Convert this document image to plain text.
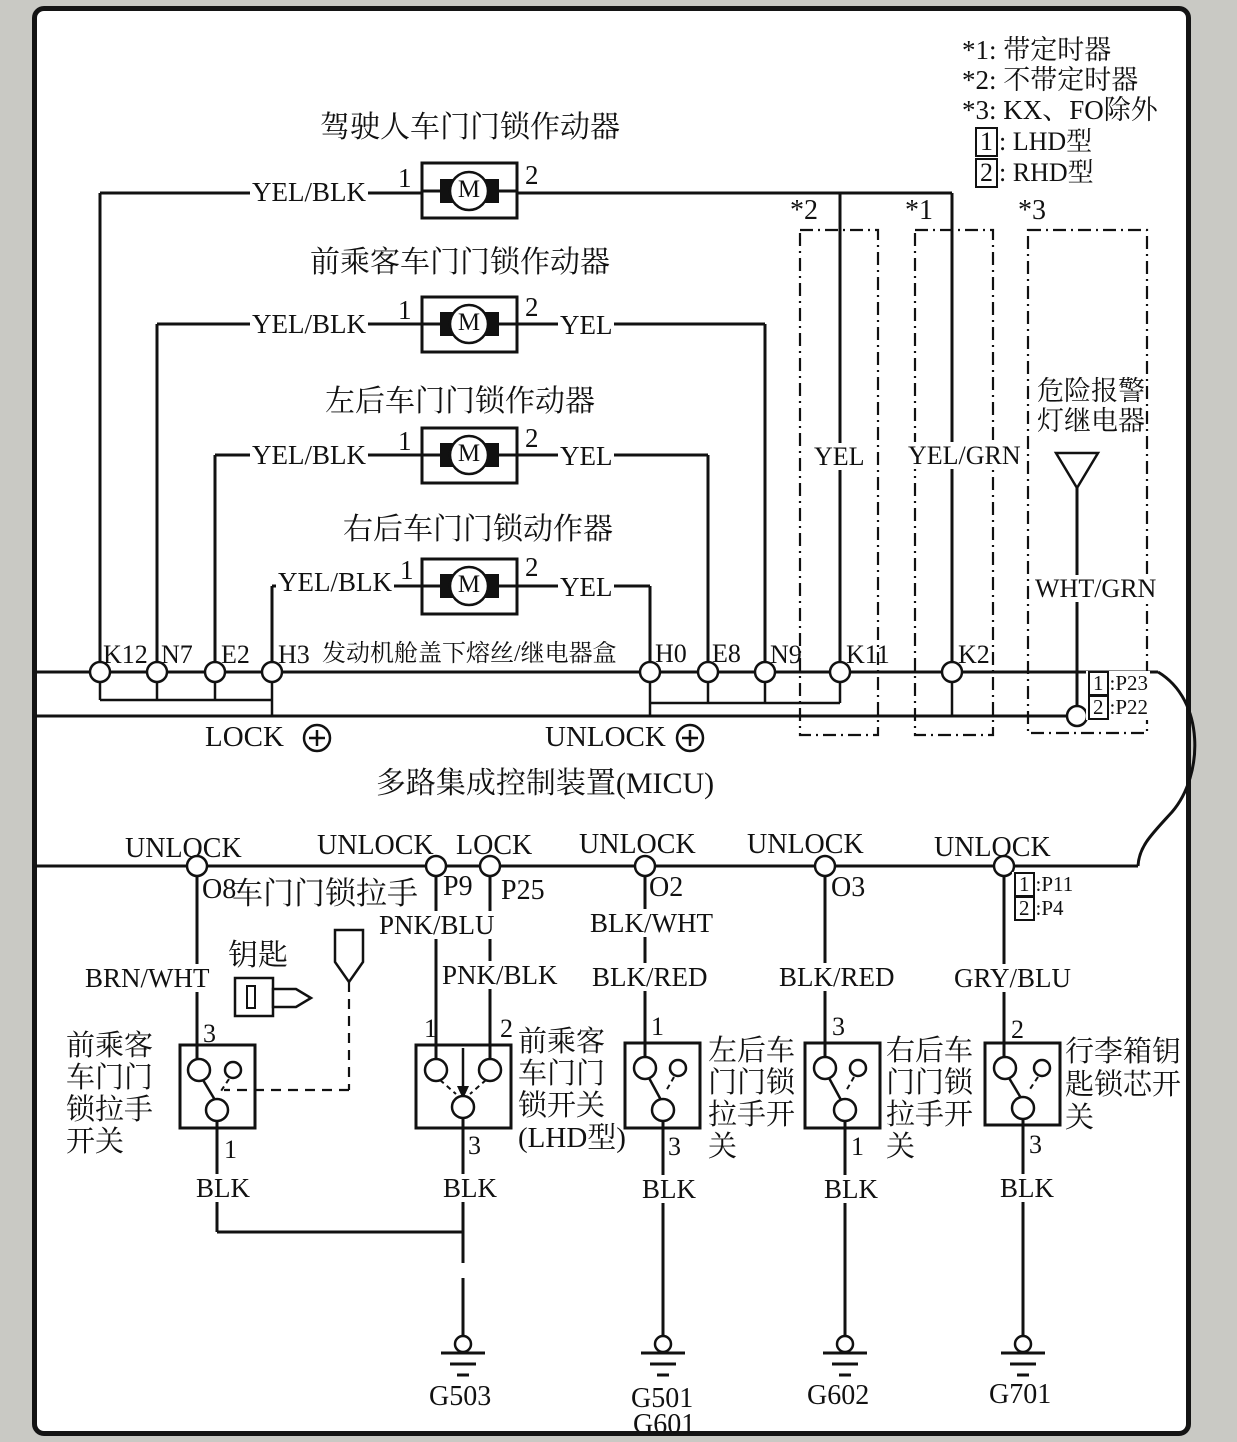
*1: 带定时器
*2: 不带定时器
*3: KX、FO除外
1 : LHD型
2 : RHD型
*2	*1	*3
驾驶人车门门锁作动器
YEL/BLK 1	2
M
前乘客车门门锁作动器
YEL/BLK 1	2
YEL
M
左后车门门锁作动器
YEL/BLK 1	2
YEL
M
右后车门门锁动作器
YEL/BLK 1	2
YEL
M
YEL YEL/GRN
危险报警
灯继电器
WHT/GRN
1 :P23
2 :P22
K12 N7 E2 H3 发动机舱盖下熔丝/继电器盒 H0 E8 N9 K11	K2
LOCK	UNLOCK
多路集成控制装置(MICU)
UNLOCK	UNLOCK LOCK UNLOCK UNLOCK	UNLOCK
O8	P9 P25	O2	O3	1 :P11
2 :P4
车门门锁拉手
钥匙
BRN/WHT
PNK/BLU
PNK/BLK
BLK/WHT
BLK/RED	BLK/RED GRY/BLU
3
1
1 2
3
1
3
3
1
2
3
前乘客
车门门
锁拉手
开关
前乘客
车门门
锁开关
(LHD型)
左后车
门门锁
拉手开
关
右后车
门门锁
拉手开
关
行李箱钥
匙锁芯开
关
BLK	BLK	BLK	BLK	BLK
G503	G501
G601
G602	G701
